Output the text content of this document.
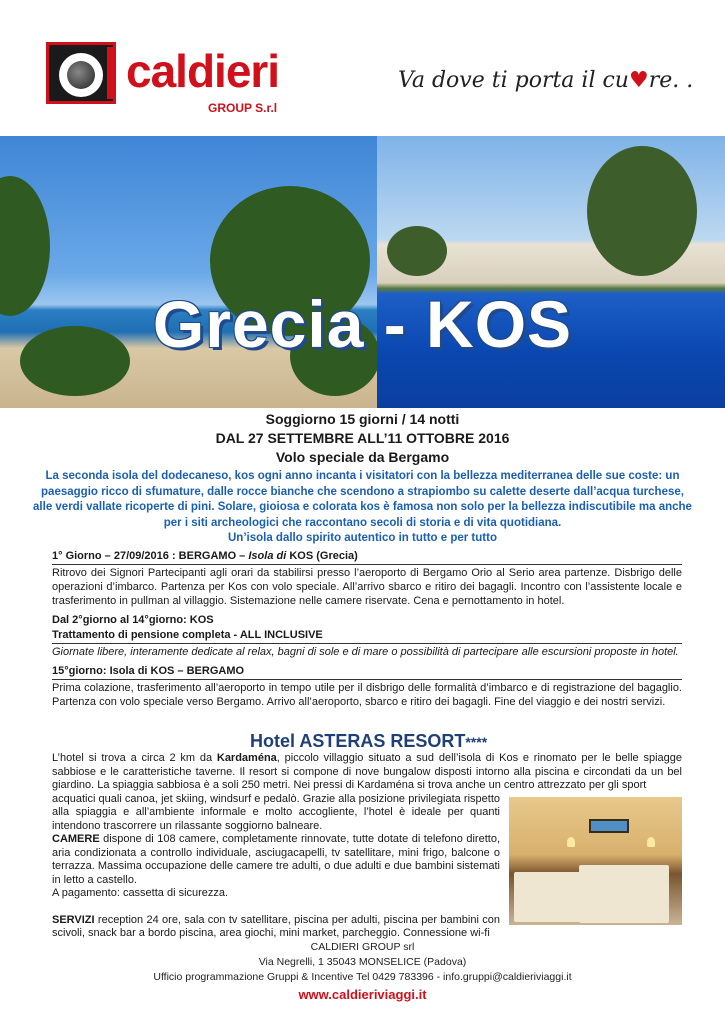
caldieri
GROUP S.r.l
Va dove ti porta il cu♥re. .
Grecia - KOS
Soggiorno 15 giorni / 14 notti
DAL 27 SETTEMBRE ALL’11 OTTOBRE 2016
Volo speciale da Bergamo
La seconda isola del dodecaneso, kos ogni anno incanta i visitatori con la bellezza mediterranea delle sue coste: un paesaggio ricco di sfumature, dalle rocce bianche che scendono a strapiombo su calette deserte dall’acqua turchese, alle verdi vallate ricoperte di pini. Solare, gioiosa e colorata kos è famosa non solo per la bellezza indiscutibile ma anche per i siti archeologici che raccontano secoli di storia e di vita quotidiana.
Un’isola dallo spirito autentico in tutto e per tutto
1° Giorno – 27/09/2016 : BERGAMO – Isola di KOS (Grecia)
Ritrovo dei Signori Partecipanti agli orari da stabilirsi presso l’aeroporto di Bergamo Orio al Serio area partenze. Disbrigo delle operazioni d’imbarco. Partenza per Kos con volo speciale. All’arrivo sbarco e ritiro dei bagagli. Incontro con l’assistente locale e trasferimento in pullman al villaggio. Sistemazione nelle camere riservate. Cena e pernottamento in hotel.
Dal 2°giorno al 14°giorno: KOS
Trattamento di pensione completa - ALL INCLUSIVE
Giornate libere, interamente dedicate al relax, bagni di sole e di mare o possibilità di partecipare alle escursioni proposte in hotel.
15°giorno: Isola di KOS – BERGAMO
Prima colazione, trasferimento all’aeroporto in tempo utile per il disbrigo delle formalità d’imbarco e di registrazione del bagaglio. Partenza con volo speciale verso Bergamo. Arrivo all’aeroporto, sbarco e ritiro dei bagagli. Fine del viaggio e dei nostri servizi.
Hotel ASTERAS RESORT****

L’hotel si trova a circa 2 km da Kardaména, piccolo villaggio situato a sud dell’isola di Kos e rinomato per le belle spiagge sabbiose e le caratteristiche taverne. Il resort si compone di nove bungalow disposti intorno alla piscina e circondati da un bel giardino. La spiaggia sabbiosa è a soli 250 metri. Nei pressi di Kardaména si trova anche un centro attrezzato per gli sport

acquatici quali canoa, jet skiing, windsurf e pedalò. Grazie alla posizione privilegiata rispetto alla spiaggia e all’ambiente informale e molto accogliente, l’hotel è ideale per quanti intendono trascorrere un rilassante soggiorno balneare.

CAMERE dispone di 108 camere, completamente rinnovate, tutte dotate di telefono diretto, aria condizionata a controllo individuale, asciugacapelli, tv satellitare, mini frigo, balcone o terrazza. Massima occupazione delle camere tre adulti, o due adulti e due bambini sistemati in letto a castello.

A pagamento: cassetta di sicurezza.

SERVIZI reception 24 ore, sala con tv satellitare, piscina per adulti, piscina per bambini con scivoli, snack bar a bordo piscina, area giochi, mini market, parcheggio. Connessione wi-fi

CALDIERI GROUP srl
Via Negrelli, 1 35043 MONSELICE (Padova)
Ufficio programmazione Gruppi & Incentive Tel 0429 783396 - info.gruppi@caldieriviaggi.it
www.caldieriviaggi.it
